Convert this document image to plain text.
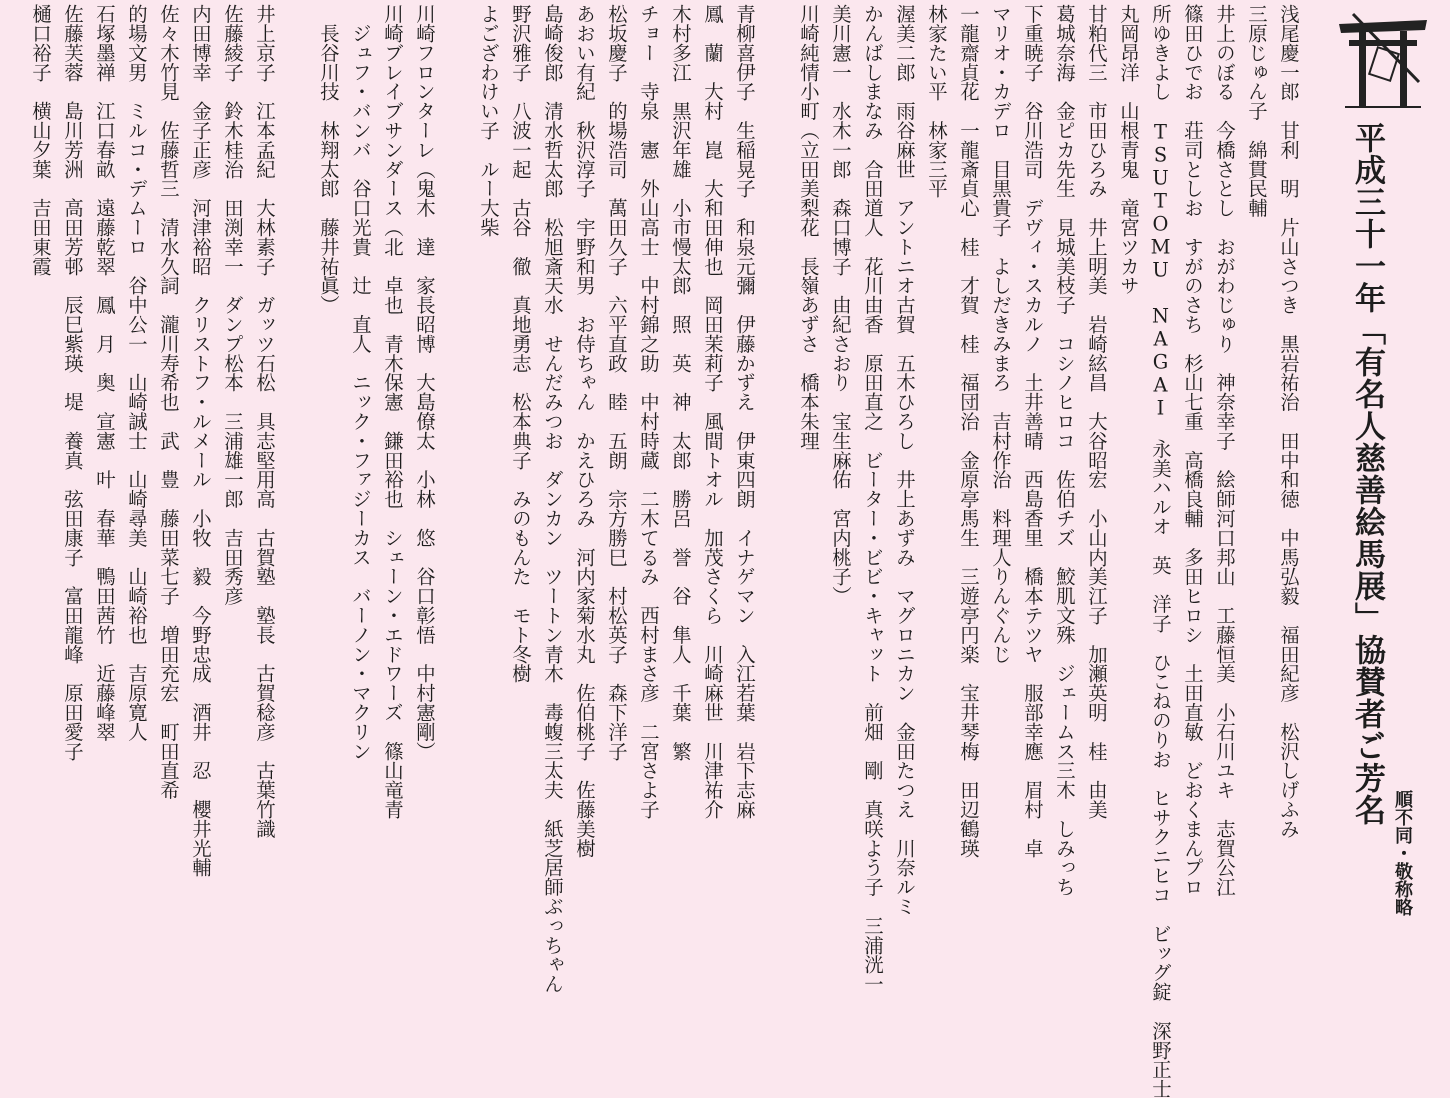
平成三十一年「有名人慈善絵馬展」協賛者ご芳名
順不同・敬称略
浅尾慶一郎　甘利　明　片山さつき　黒岩祐治　田中和徳　中馬弘毅　福田紀彦　松沢しげふみ
三原じゅん子　綿貫民輔
井上のぼる　今橋さとし　おがわじゅり　神奈幸子　絵師河口邦山　工藤恒美　小石川ユキ　志賀公江
篠田ひでお　荘司としお　すがのさち　杉山七重　高橋良輔　多田ヒロシ　土田直敏　どおくまんプロ
所ゆきよし　TSUTOMU NAGAI　永美ハルオ　英　洋子　ひこねのりお　ヒサクニヒコ　ビッグ錠　深野正士
丸岡昂洋　山根青鬼　竜宮ツカサ
甘粕代三　市田ひろみ　井上明美　岩崎絃昌　大谷昭宏　小山内美江子　加瀬英明　桂　由美
葛城奈海　金ピカ先生　見城美枝子　コシノヒロコ　佐伯チズ　鮫肌文殊　ジェームス三木　しみっち
下重暁子　谷川浩司　デヴィ・スカルノ　土井善晴　西島香里　橋本テツヤ　服部幸應　眉村　卓
マリオ・カデロ　目黒貴子　よしだきみまろ　吉村作治　料理人りんぐんじ
一龍齋貞花　一龍斎貞心　桂　才賀　桂　福団治　金原亭馬生　三遊亭円楽　宝井琴梅　田辺鶴瑛
林家たい平　林家三平
渥美二郎　雨谷麻世　アントニオ古賀　五木ひろし　井上あずみ　マグロニカン　金田たつえ　川奈ルミ
かんばしまなみ　合田道人　花川由香　原田直之　ビーター・ビビ・キャット　前畑　剛　真咲よう子　三浦洸一
美川憲一　水木一郎　森口博子　由紀さおり　宝生麻佑　宮内桃子）
川崎純情小町（立田美梨花　長嶺あずさ　橋本朱理
青柳喜伊子　生稲晃子　和泉元彌　伊藤かずえ　伊東四朗　イナゲマン　入江若葉　岩下志麻
鳳　蘭　大村　崑　大和田伸也　岡田茉莉子　風間トオル　加茂さくら　川崎麻世　川津祐介
木村多江　黒沢年雄　小市慢太郎　照　英　神　太郎　勝呂　誉　谷　隼人　千葉　繁
チョー　寺泉　憲　外山高士　中村錦之助　中村時蔵　二木てるみ　西村まさ彦　二宮さよ子
松坂慶子　的場浩司　萬田久子　六平直政　睦　五朗　宗方勝巳　村松英子　森下洋子
あおい有紀　秋沢淳子　宇野和男　お侍ちゃん　かえひろみ　河内家菊水丸　佐伯桃子　佐藤美樹
島崎俊郎　清水哲太郎　松旭斎天水　せんだみつお　ダンカン　ツートン青木　毒蝮三太夫　紙芝居師ぶっちゃん
野沢雅子　八波一起　古谷　徹　真地勇志　松本典子　みのもんた　モト冬樹
よござわけい子　ルー大柴
川崎フロンターレ（鬼木　達　家長昭博　大島僚太　小林　悠　谷口彰悟　中村憲剛）
川崎ブレイブサンダース（北　卓也　青木保憲　鎌田裕也　シェーン・エドワーズ　篠山竜青
　ジュフ・バンバ　谷口光貴　辻　直人　ニック・ファジーカス　バーノン・マクリン
　長谷川技　林翔太郎　藤井祐眞）
井上京子　江本孟紀　大林素子　ガッツ石松　具志堅用高　古賀塾　塾長　古賀稔彦　古葉竹識
佐藤綾子　鈴木桂治　田渕幸一　ダンプ松本　三浦雄一郎　吉田秀彦
内田博幸　金子正彦　河津裕昭　クリストフ・ルメール　小牧　毅　今野忠成　酒井　忍　櫻井光輔
佐々木竹見　佐藤哲三　清水久詞　瀧川寿希也　武　豊　藤田菜七子　増田充宏　町田直希
的場文男　ミルコ・デムーロ　谷中公一　山崎誠士　山崎尋美　山崎裕也　吉原寛人
石塚墨禅　江口春畝　遠藤乾翠　鳳　月　奥　宣憲　叶　春華　鴨田茜竹　近藤峰翠
佐藤芙蓉　島川芳洲　高田芳邨　辰巳紫瑛　堤　養真　弦田康子　富田龍峰　原田愛子
樋口裕子　横山夕葉　吉田東霞
